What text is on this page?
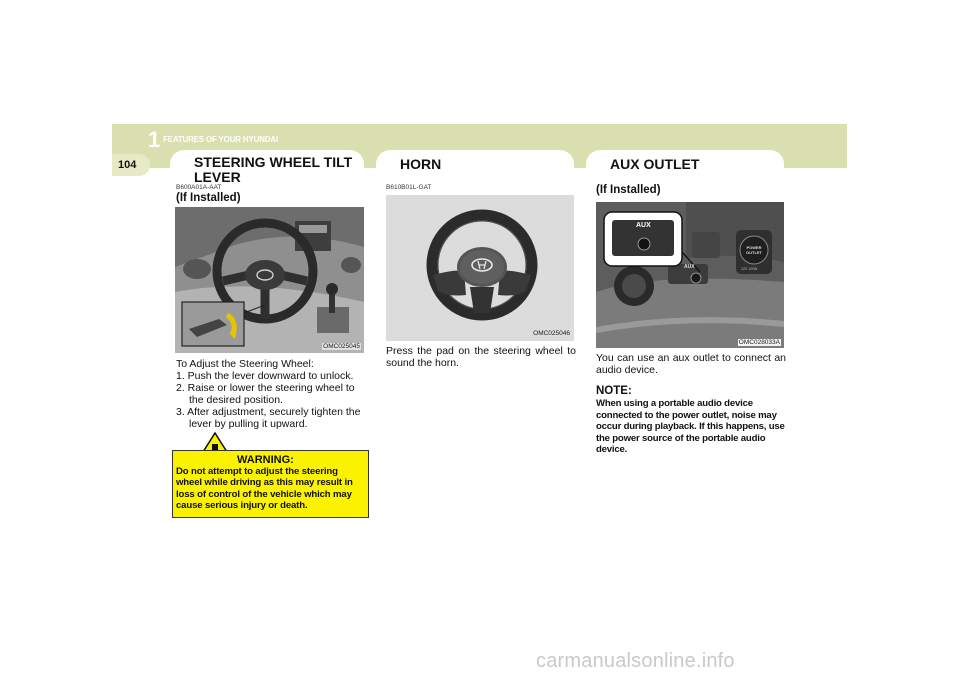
1 FEATURES OF YOUR HYUNDAI
104	STEERING WHEEL TILT
LEVER
HORN	AUX OUTLET
B600A01A-AAT
(If Installed)
OMC025045
To Adjust the Steering Wheel:
1. Push the lever downward to unlock.
2. Raise or lower the steering wheel to the desired position.
3. After adjustment, securely tighten the lever by pulling it upward.
WARNING:
Do not attempt to adjust the steering wheel while driving as this may result in loss of control of the vehicle which may cause serious injury or death.
B610B01L-GAT
OMC025046
Press the pad on the steering wheel to sound the horn.
(If Installed)
AUX
AUX
POWER
OUTLET
12V 120W
OMC028033A
You can use an aux outlet to connect an audio device.
NOTE:
When using a portable audio device connected to the power outlet, noise may occur during playback. If this happens, use the power source of the portable audio device.
carmanualsonline.info
